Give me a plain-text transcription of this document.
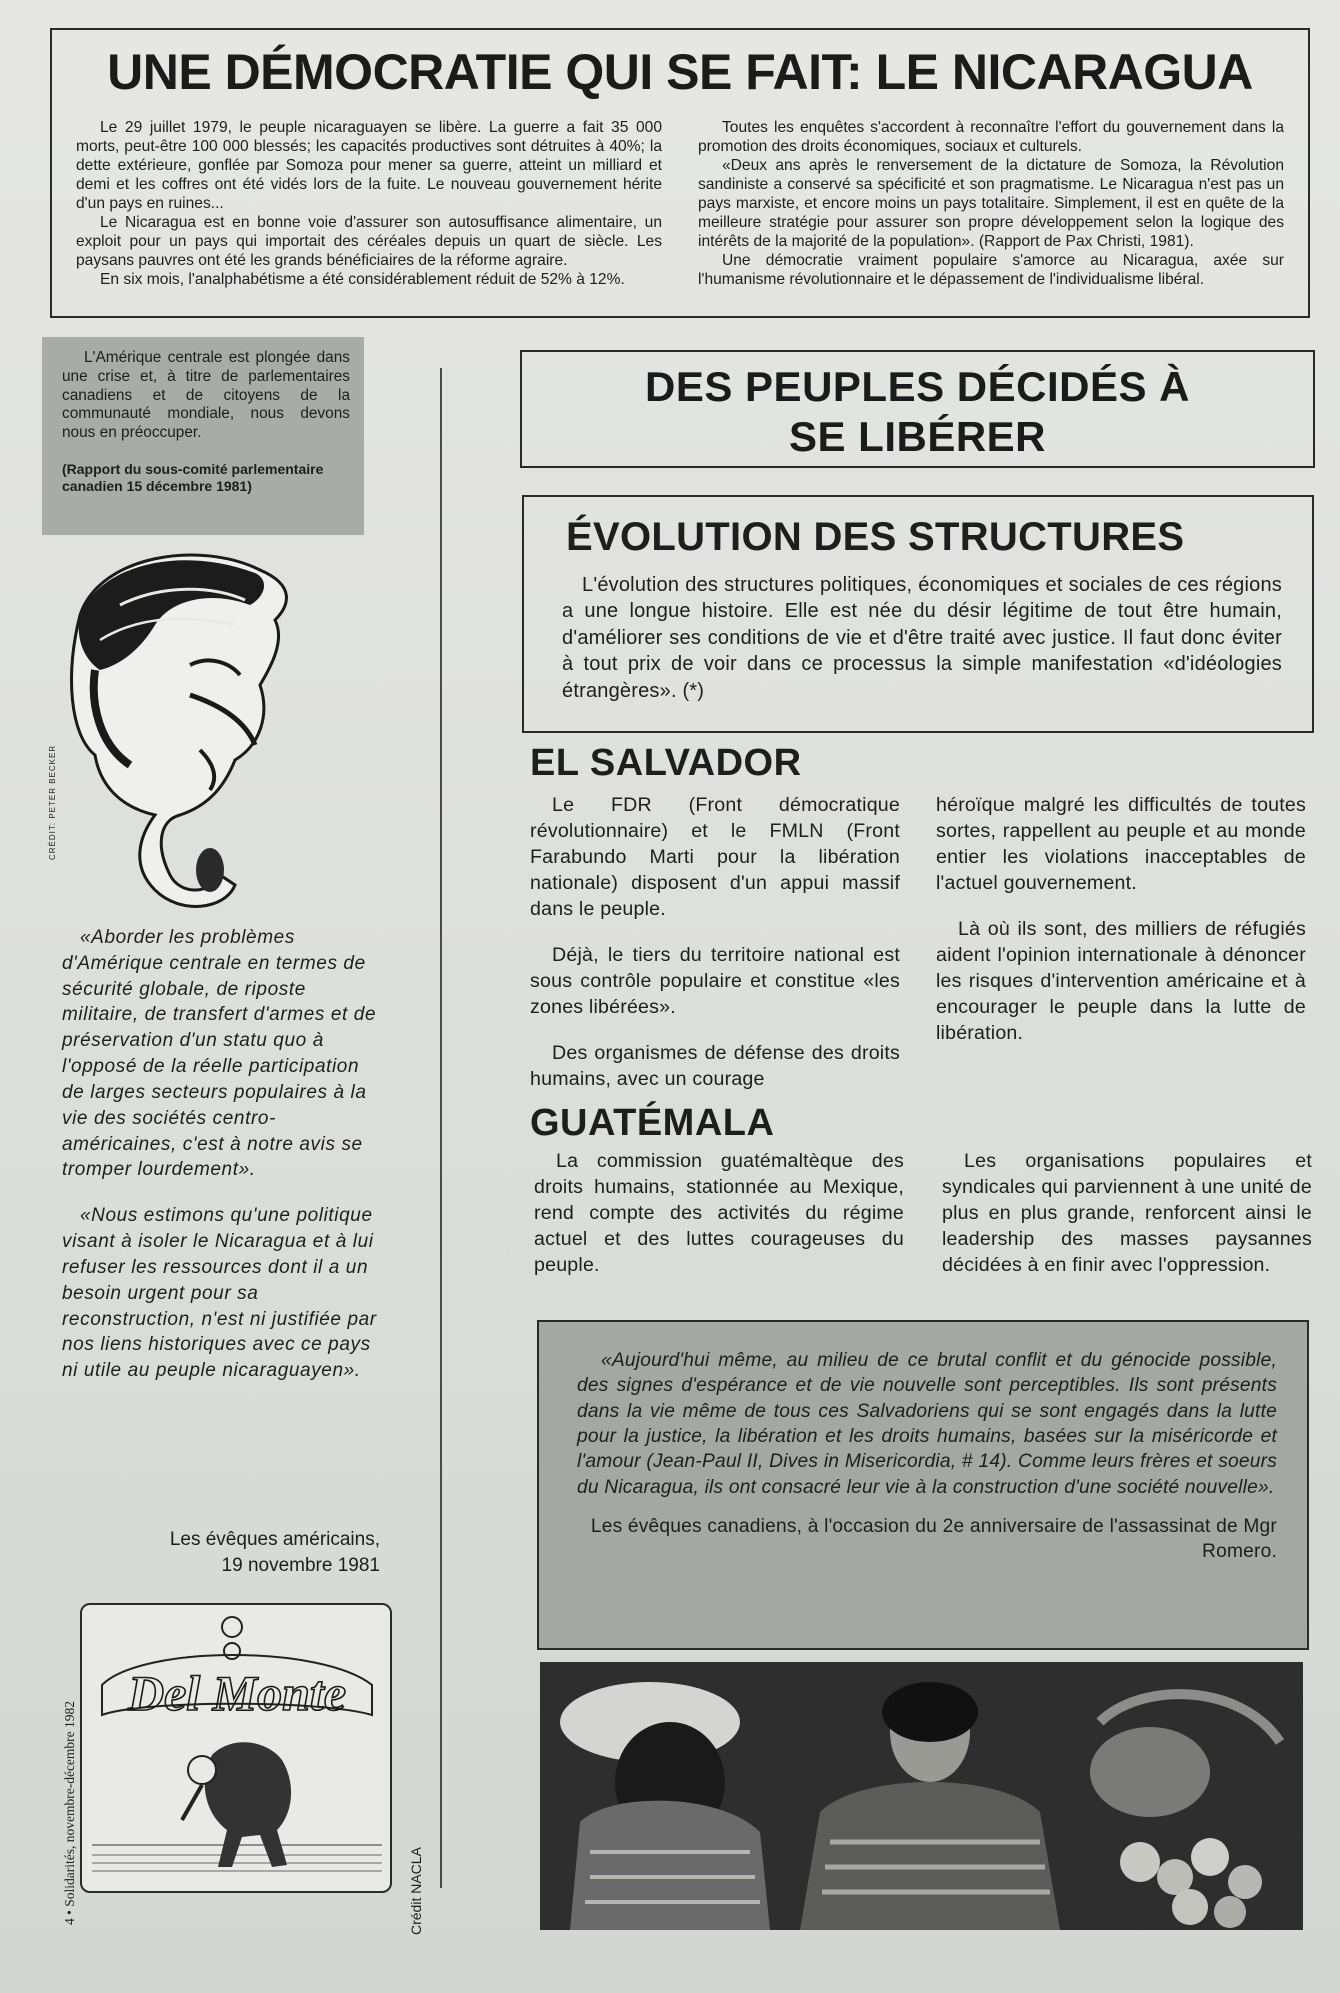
UNE DÉMOCRATIE QUI SE FAIT: LE NICARAGUA

Le 29 juillet 1979, le peuple nicaraguayen se libère. La guerre a fait 35 000 morts, peut-être 100 000 blessés; les capacités productives sont détruites à 40%; la dette extérieure, gonflée par Somoza pour mener sa guerre, atteint un milliard et demi et les coffres ont été vidés lors de la fuite. Le nouveau gouvernement hérite d'un pays en ruines...

Le Nicaragua est en bonne voie d'assurer son autosuffisance alimentaire, un exploit pour un pays qui importait des céréales depuis un quart de siècle. Les paysans pauvres ont été les grands bénéficiaires de la réforme agraire.

En six mois, l'analphabétisme a été considérablement réduit de 52% à 12%.

Toutes les enquêtes s'accordent à reconnaître l'effort du gouvernement dans la promotion des droits économiques, sociaux et culturels.

«Deux ans après le renversement de la dictature de Somoza, la Révolution sandiniste a conservé sa spécificité et son pragmatisme. Le Nicaragua n'est pas un pays marxiste, et encore moins un pays totalitaire. Simplement, il est en quête de la meilleure stratégie pour assurer son propre développement selon la logique des intérêts de la majorité de la population». (Rapport de Pax Christi, 1981).

Une démocratie vraiment populaire s'amorce au Nicaragua, axée sur l'humanisme révolutionnaire et le dépassement de l'individualisme libéral.

L'Amérique centrale est plongée dans une crise et, à titre de parlementaires canadiens et de citoyens de la communauté mondiale, nous devons nous en préoccuper.

(Rapport du sous-comité parlementaire canadien 15 décembre 1981)

CRÉDIT: PETER BECKER

«Aborder les problèmes d'Amérique centrale en termes de sécurité globale, de riposte militaire, de transfert d'armes et de préservation d'un statu quo à l'opposé de la réelle participation de larges secteurs populaires à la vie des sociétés centro-américaines, c'est à notre avis se tromper lourdement».

«Nous estimons qu'une politique visant à isoler le Nicaragua et à lui refuser les ressources dont il a un besoin urgent pour sa reconstruction, n'est ni justifiée par nos liens historiques avec ce pays ni utile au peuple nicaraguayen».

Les évêques américains,
19 novembre 1981
Del Monte
4 • Solidarités, novembre-décembre 1982	Crédit NACLA
DES PEUPLES DÉCIDÉS À
SE LIBÉRER
ÉVOLUTION DES STRUCTURES

L'évolution des structures politiques, économiques et sociales de ces régions a une longue histoire. Elle est née du désir légitime de tout être humain, d'améliorer ses conditions de vie et d'être traité avec justice. Il faut donc éviter à tout prix de voir dans ce processus la simple manifestation «d'idéologies étrangères». (*)

EL SALVADOR

Le FDR (Front démocratique révolutionnaire) et le FMLN (Front Farabundo Marti pour la libération nationale) disposent d'un appui massif dans le peuple.

Déjà, le tiers du territoire national est sous contrôle populaire et constitue «les zones libérées».

Des organismes de défense des droits humains, avec un courage

héroïque malgré les difficultés de toutes sortes, rappellent au peuple et au monde entier les violations inacceptables de l'actuel gouvernement.

Là où ils sont, des milliers de réfugiés aident l'opinion internationale à dénoncer les risques d'intervention américaine et à encourager le peuple dans la lutte de libération.

GUATÉMALA

La commission guatémaltèque des droits humains, stationnée au Mexique, rend compte des activités du régime actuel et des luttes courageuses du peuple.

Les organisations populaires et syndicales qui parviennent à une unité de plus en plus grande, renforcent ainsi le leadership des masses paysannes décidées à en finir avec l'oppression.

«Aujourd'hui même, au milieu de ce brutal conflit et du génocide possible, des signes d'espérance et de vie nouvelle sont perceptibles. Ils sont présents dans la vie même de tous ces Salvadoriens qui se sont engagés dans la lutte pour la justice, la libération et les droits humains, basées sur la miséricorde et l'amour (Jean-Paul II, Dives in Misericordia, # 14). Comme leurs frères et soeurs du Nicaragua, ils ont consacré leur vie à la construction d'une société nouvelle».

Les évêques canadiens, à l'occasion du 2e anniversaire de l'assassinat de Mgr Romero.
